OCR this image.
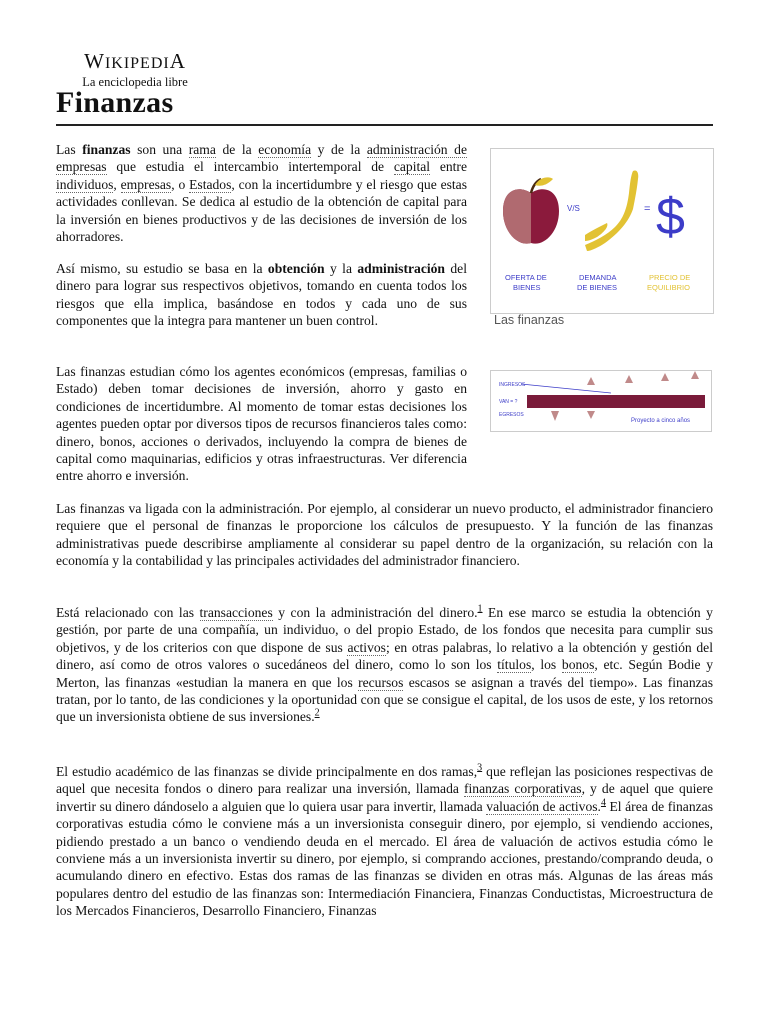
WIKIPEDIA
La enciclopedia libre
Finanzas
V/S	= $
OFERTA DE
BIENES
DEMANDA
DE BIENES
PRECIO DE
EQUILIBRIO
Las finanzas
INGRESOS
VAN = ?
EGRESOS
Proyecto a cinco años

Las finanzas son una rama de la economía y de la administración de empresas que estudia el intercambio intertemporal de capital entre individuos, empresas, o Estados, con la incertidumbre y el riesgo que estas actividades conllevan. Se dedica al estudio de la obtención de capital para la inversión en bienes productivos y de las decisiones de inversión de los ahorradores.

Así mismo, su estudio se basa en la obtención y la administración del dinero para lograr sus respectivos objetivos, tomando en cuenta todos los riesgos que ella implica, basándose en todos y cada uno de sus componentes que la integra para mantener un buen control.

Las finanzas estudian cómo los agentes económicos (empresas, familias o Estado) deben tomar decisiones de inversión, ahorro y gasto en condiciones de incertidumbre. Al momento de tomar estas decisiones los agentes pueden optar por diversos tipos de recursos financieros tales como: dinero, bonos, acciones o derivados, incluyendo la compra de bienes de capital como maquinarias, edificios y otras infraestructuras. Ver diferencia entre ahorro e inversión.

Las finanzas va ligada con la administración. Por ejemplo, al considerar un nuevo producto, el administrador financiero requiere que el personal de finanzas le proporcione los cálculos de presupuesto. Y la función de las finanzas administrativas puede describirse ampliamente al considerar su papel dentro de la organización, su relación con la economía y la contabilidad y las principales actividades del administrador financiero.

Está relacionado con las transacciones y con la administración del dinero.$^1$ En ese marco se estudia la obtención y gestión, por parte de una compañía, un individuo, o del propio Estado, de los fondos que necesita para cumplir sus objetivos, y de los criterios con que dispone de sus activos; en otras palabras, lo relativo a la obtención y gestión del dinero, así como de otros valores o sucedáneos del dinero, como lo son los títulos, los bonos, etc. Según Bodie y Merton, las finanzas «estudian la manera en que los recursos escasos se asignan a través del tiempo». Las finanzas tratan, por lo tanto, de las condiciones y la oportunidad con que se consigue el capital, de los usos de este, y los retornos que un inversionista obtiene de sus inversiones.$^2$

El estudio académico de las finanzas se divide principalmente en dos ramas,$^3$ que reflejan las posiciones respectivas de aquel que necesita fondos o dinero para realizar una inversión, llamada finanzas corporativas, y de aquel que quiere invertir su dinero dándoselo a alguien que lo quiera usar para invertir, llamada valuación de activos.$^4$ El área de finanzas corporativas estudia cómo le conviene más a un inversionista conseguir dinero, por ejemplo, si vendiendo acciones, pidiendo prestado a un banco o vendiendo deuda en el mercado. El área de valuación de activos estudia cómo le conviene más a un inversionista invertir su dinero, por ejemplo, si comprando acciones, prestando/comprando deuda, o acumulando dinero en efectivo. Estas dos ramas de las finanzas se dividen en otras más. Algunas de las áreas más populares dentro del estudio de las finanzas son: Intermediación Financiera, Finanzas Conductistas, Microestructura de los Mercados Financieros, Desarrollo Financiero, Finanzas
